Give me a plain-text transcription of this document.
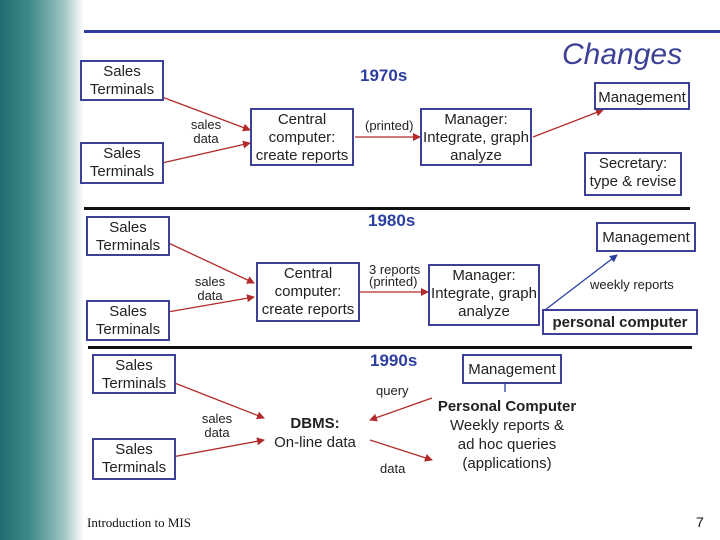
Changes
1970s
Sales Terminals
Sales Terminals
sales data
Central
computer:
create reports
(printed)	Manager:
Integrate, graph
analyze
Management
Secretary:
type & revise
1980s
Sales Terminals
Sales Terminals
sales data
Central
computer:
create reports
3 reports
(printed)	Manager:
Integrate, graph
analyze
Management
weekly reports
personal computer
1990s
Sales Terminals
Sales Terminals
sales data
DBMS:
On-line data
query
data
Management
Personal Computer
Weekly reports &
ad hoc queries
(applications)
Introduction to MIS	7
